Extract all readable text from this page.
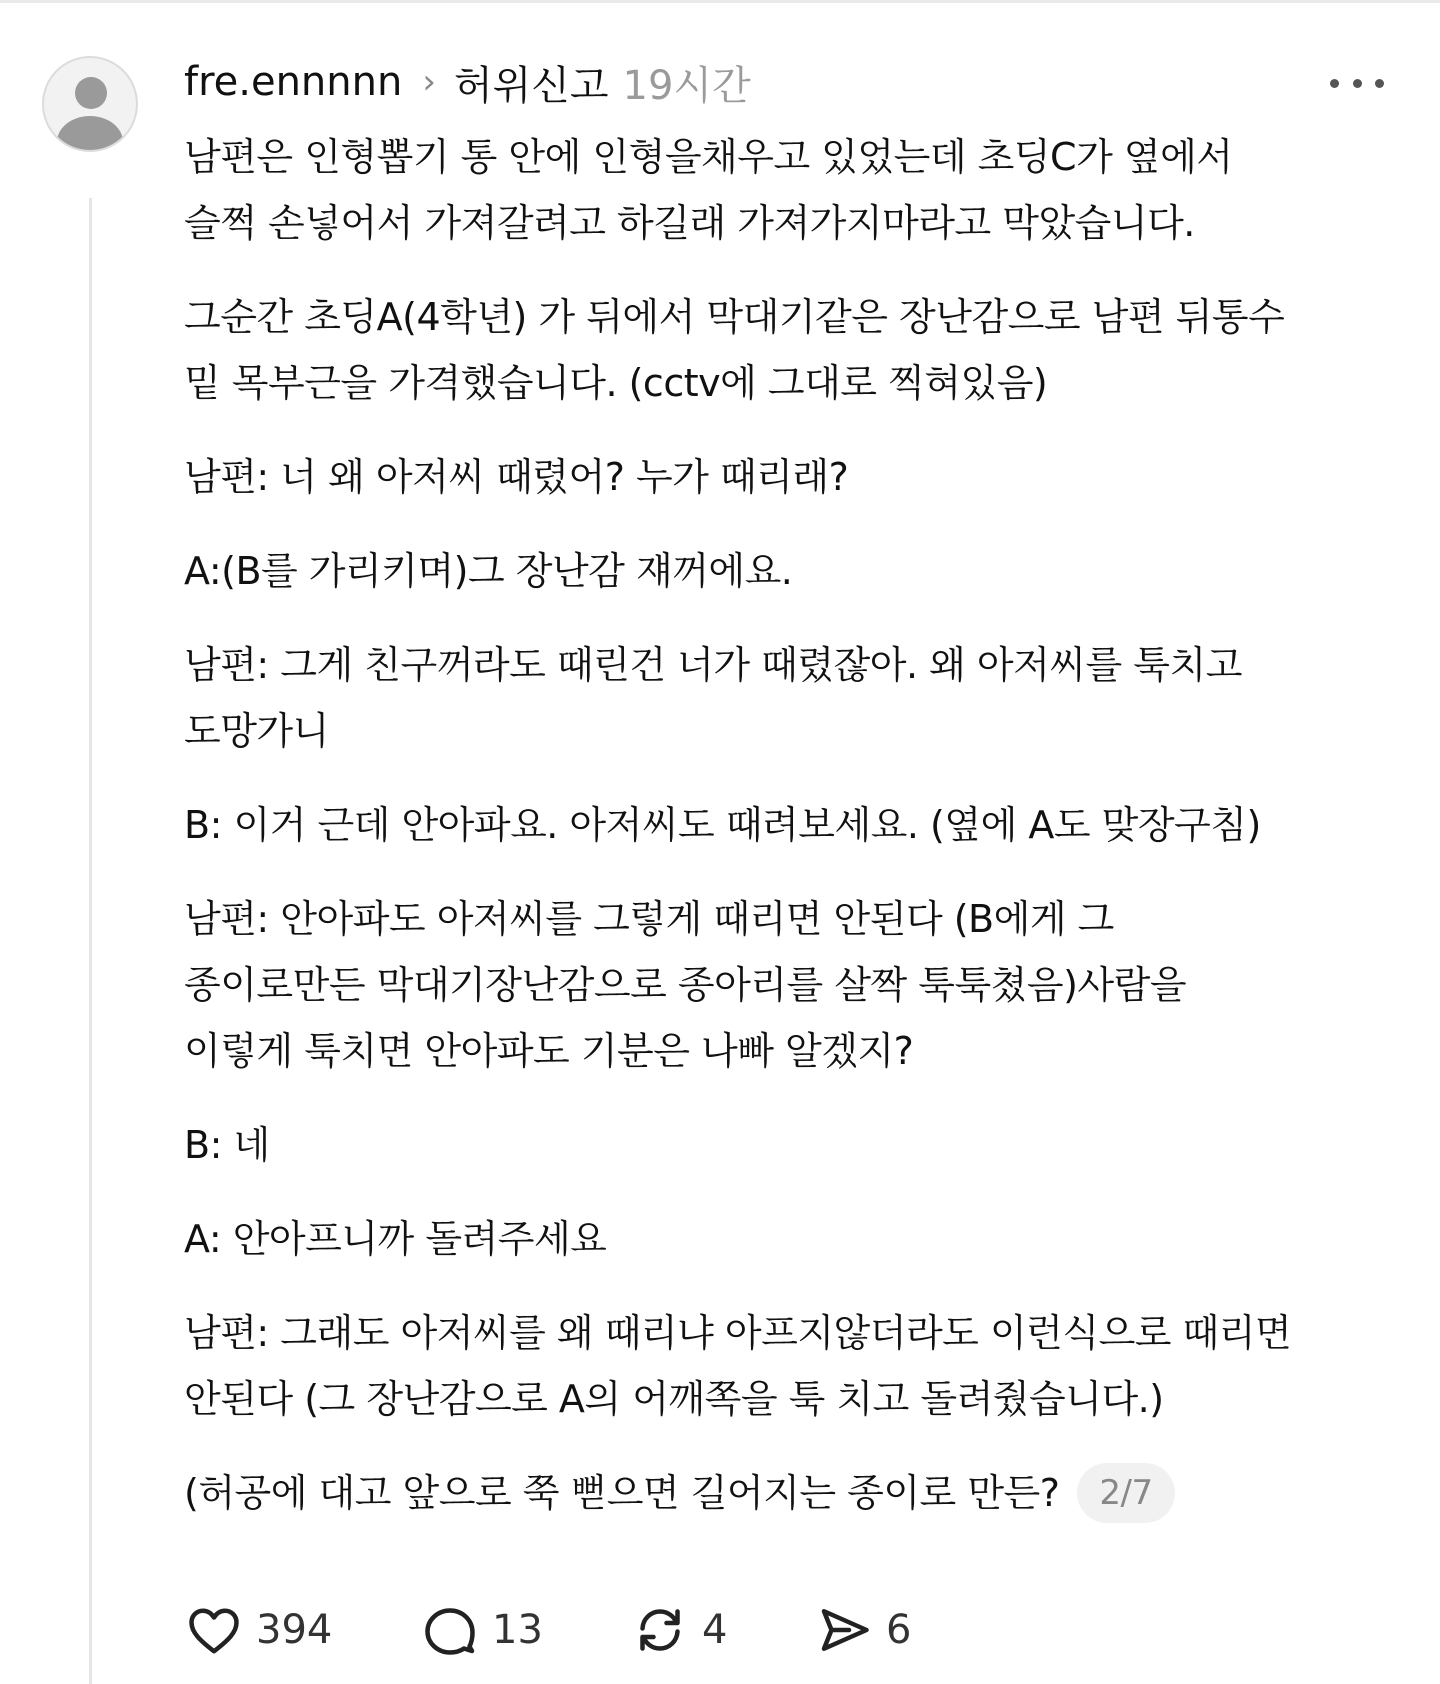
fre.ennnnn › 허위신고 19시간

남편은 인형뽑기 통 안에 인형을채우고 있었는데 초딩C가 옆에서
슬쩍 손넣어서 가져갈려고 하길래 가져가지마라고 막았습니다.

그순간 초딩A(4학년) 가 뒤에서 막대기같은 장난감으로 남편 뒤통수
밑 목부근을 가격했습니다. (cctv에 그대로 찍혀있음)

남편: 너 왜 아저씨 때렸어? 누가 때리래?

A:(B를 가리키며)그 장난감 쟤꺼에요.

남편: 그게 친구꺼라도 때린건 너가 때렸잖아. 왜 아저씨를 툭치고
도망가니

B: 이거 근데 안아파요. 아저씨도 때려보세요. (옆에 A도 맞장구침)

남편: 안아파도 아저씨를 그렇게 때리면 안된다 (B에게 그
종이로만든 막대기장난감으로 종아리를 살짝 툭툭쳤음)사람을
이렇게 툭치면 안아파도 기분은 나빠 알겠지?

B: 네

A: 안아프니까 돌려주세요

남편: 그래도 아저씨를 왜 때리냐 아프지않더라도 이런식으로 때리면
안된다 (그 장난감으로 A의 어깨쪽을 툭 치고 돌려줬습니다.)

(허공에 대고 앞으로 쭉 뻗으면 길어지는 종이로 만든?	2/7

394	13	4	6
